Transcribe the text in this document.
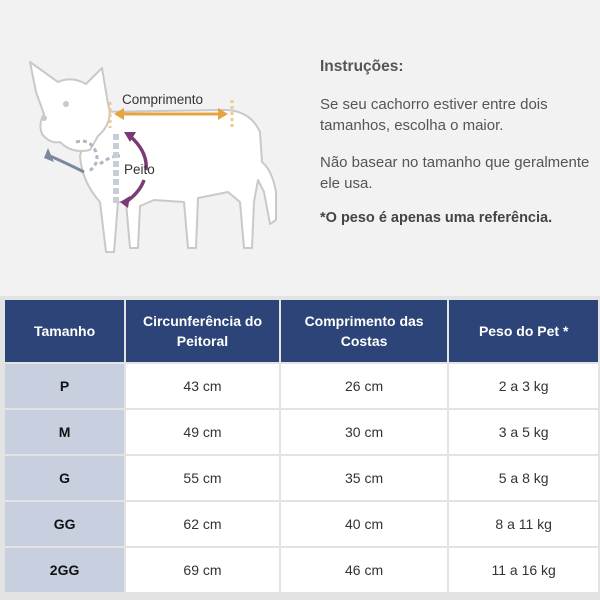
Comprimento
Peito

Instruções:

Se seu cachorro estiver entre dois tamanhos, escolha o maior.

Não basear no tamanho que geralmente ele usa.

*O peso é apenas uma referência.

Tamanho	Circunferência do Peitoral	Comprimento das Costas	Peso do Pet *
P	43 cm	26 cm	2 a 3 kg
M	49 cm	30 cm	3 a 5 kg
G	55 cm	35 cm	5 a 8 kg
GG	62 cm	40 cm	8 a 11 kg
2GG	69 cm	46 cm	11 a 16 kg
